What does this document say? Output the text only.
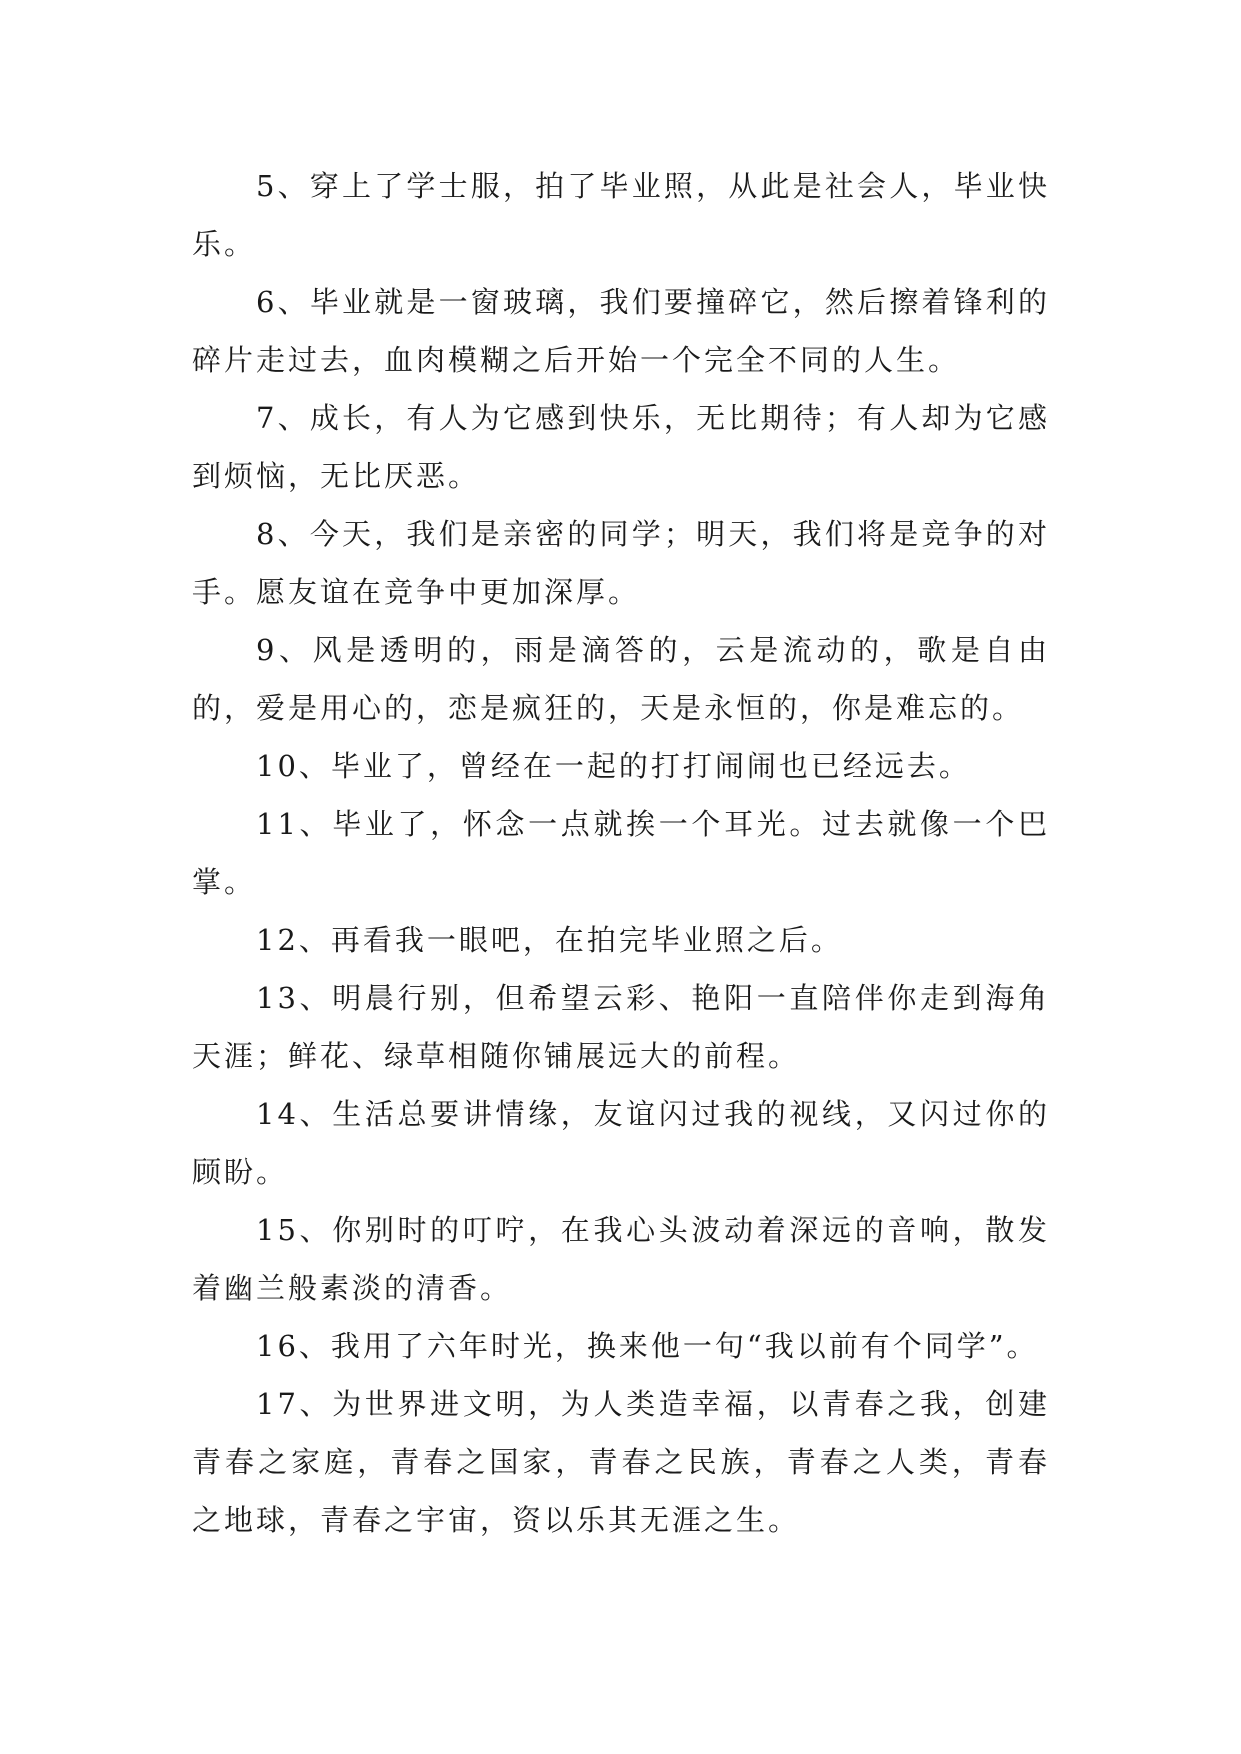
5、穿上了学士服，拍了毕业照，从此是社会人，毕业快乐。

6、毕业就是一窗玻璃，我们要撞碎它，然后擦着锋利的碎片走过去，血肉模糊之后开始一个完全不同的人生。

7、成长，有人为它感到快乐，无比期待；有人却为它感到烦恼，无比厌恶。

8、今天，我们是亲密的同学；明天，我们将是竞争的对手。愿友谊在竞争中更加深厚。

9、风是透明的，雨是滴答的，云是流动的，歌是自由的，爱是用心的，恋是疯狂的，天是永恒的，你是难忘的。

10、毕业了，曾经在一起的打打闹闹也已经远去。

11、毕业了，怀念一点就挨一个耳光。过去就像一个巴掌。

12、再看我一眼吧，在拍完毕业照之后。

13、明晨行别，但希望云彩、艳阳一直陪伴你走到海角天涯；鲜花、绿草相随你铺展远大的前程。

14、生活总要讲情缘，友谊闪过我的视线，又闪过你的顾盼。

15、你别时的叮咛，在我心头波动着深远的音响，散发着幽兰般素淡的清香。

16、我用了六年时光，换来他一句“我以前有个同学”。

17、为世界进文明，为人类造幸福，以青春之我，创建青春之家庭，青春之国家，青春之民族，青春之人类，青春之地球，青春之宇宙，资以乐其无涯之生。
